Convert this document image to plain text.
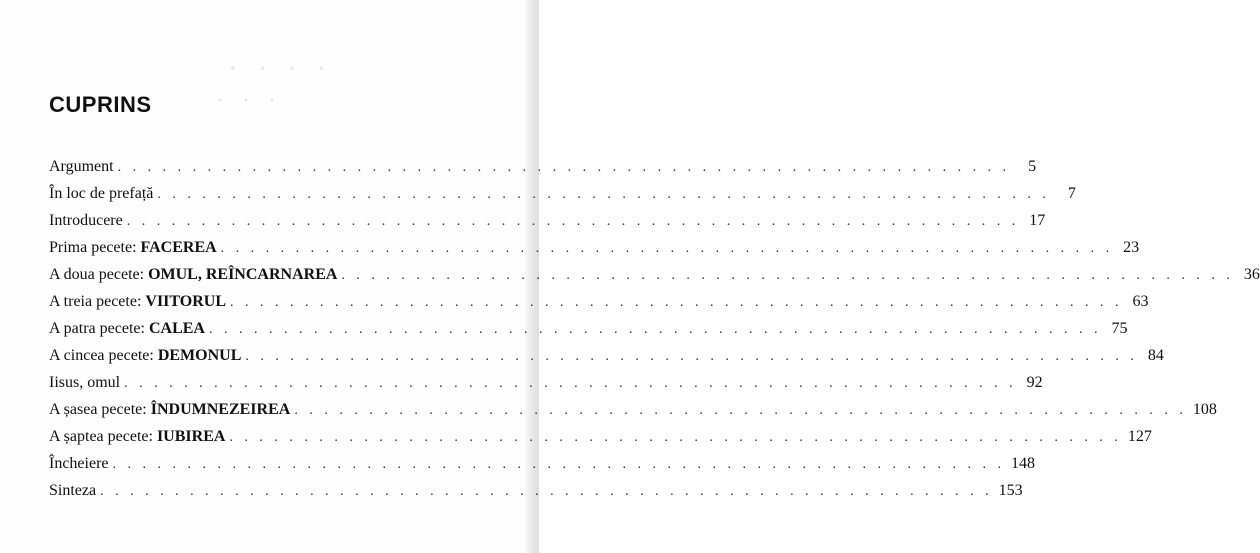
· · · ·
· · ·
CUPRINS
Argument . . . . . . . . . . . . . . . . . . . . . . . . . . . . . . . . . . . . . . . . . . . . . . . . . . . . . . . . . . . .	5
În loc de prefață . . . . . . . . . . . . . . . . . . . . . . . . . . . . . . . . . . . . . . . . . . . . . . . . . . . . . . . . . . . .	7
Introducere . . . . . . . . . . . . . . . . . . . . . . . . . . . . . . . . . . . . . . . . . . . . . . . . . . . . . . . . . . . . 17
Prima pecete: FACEREA . . . . . . . . . . . . . . . . . . . . . . . . . . . . . . . . . . . . . . . . . . . . . . . . . . . . . . . . . . . . 23
A doua pecete: OMUL, REÎNCARNAREA . . . . . . . . . . . . . . . . . . . . . . . . . . . . . . . . . . . . . . . . . . . . . . . . . . . . . . . . . . . . 36
A treia pecete: VIITORUL . . . . . . . . . . . . . . . . . . . . . . . . . . . . . . . . . . . . . . . . . . . . . . . . . . . . . . . . . . . . 63
A patra pecete: CALEA . . . . . . . . . . . . . . . . . . . . . . . . . . . . . . . . . . . . . . . . . . . . . . . . . . . . . . . . . . . . 75
A cincea pecete: DEMONUL . . . . . . . . . . . . . . . . . . . . . . . . . . . . . . . . . . . . . . . . . . . . . . . . . . . . . . . . . . . . 84
Iisus, omul . . . . . . . . . . . . . . . . . . . . . . . . . . . . . . . . . . . . . . . . . . . . . . . . . . . . . . . . . . . . 92
A șasea pecete: ÎNDUMNEZEIREA . . . . . . . . . . . . . . . . . . . . . . . . . . . . . . . . . . . . . . . . . . . . . . . . . . . . . . . . . . . . 108
A șaptea pecete: IUBIREA . . . . . . . . . . . . . . . . . . . . . . . . . . . . . . . . . . . . . . . . . . . . . . . . . . . . . . . . . . . . 127
Încheiere . . . . . . . . . . . . . . . . . . . . . . . . . . . . . . . . . . . . . . . . . . . . . . . . . . . . . . . . . . . . 148
Sinteza . . . . . . . . . . . . . . . . . . . . . . . . . . . . . . . . . . . . . . . . . . . . . . . . . . . . . . . . . . . . 153
